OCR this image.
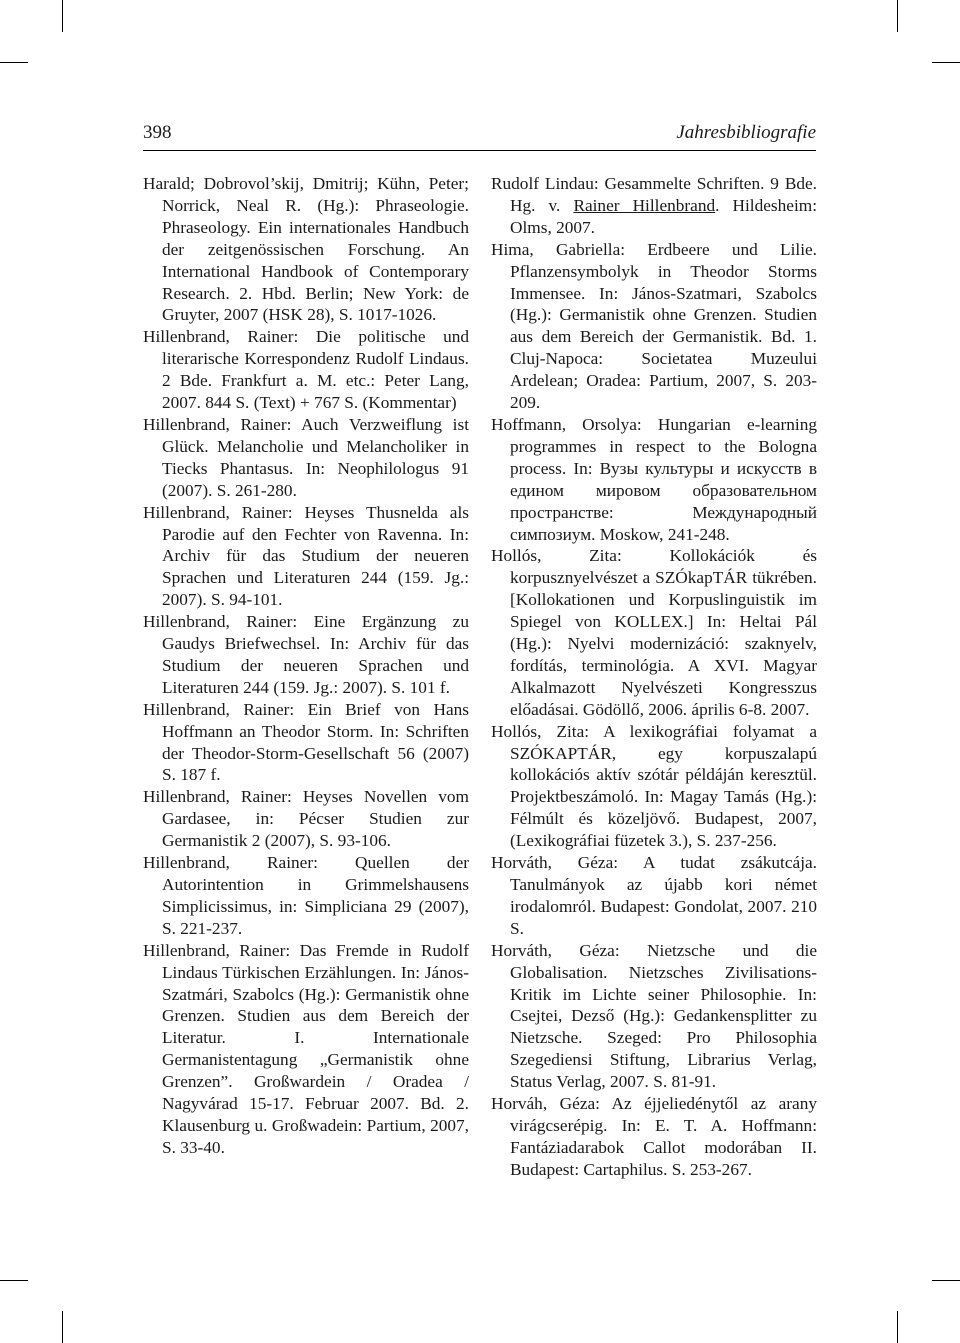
398	Jahresbibliografie

Harald; Dobrovol’skij, Dmitrij; Kühn, Peter; Norrick, Neal R. (Hg.): Phraseologie. Phraseology. Ein internationales Handbuch der zeitgenössischen Forschung. An International Handbook of Contemporary Research. 2. Hbd. Berlin; New York: de Gruyter, 2007 (HSK 28), S. 1017-1026.

Hillenbrand, Rainer: Die politische und literarische Korrespondenz Rudolf Lindaus. 2 Bde. Frankfurt a. M. etc.: Peter Lang, 2007. 844 S. (Text) + 767 S. (Kommentar)

Hillenbrand, Rainer: Auch Verzweiflung ist Glück. Melancholie und Melancholiker in Tiecks Phantasus. In: Neophilologus 91 (2007). S. 261-280.

Hillenbrand, Rainer: Heyses Thusnelda als Parodie auf den Fechter von Ravenna. In: Archiv für das Studium der neueren Sprachen und Literaturen 244 (159. Jg.: 2007). S. 94-101.

Hillenbrand, Rainer: Eine Ergänzung zu Gaudys Briefwechsel. In: Archiv für das Studium der neueren Sprachen und Literaturen 244 (159. Jg.: 2007). S. 101 f.

Hillenbrand, Rainer: Ein Brief von Hans Hoffmann an Theodor Storm. In: Schriften der Theodor-Storm-Gesellschaft 56 (2007) S. 187 f.

Hillenbrand, Rainer: Heyses Novellen vom Gardasee, in: Pécser Studien zur Germanistik 2 (2007), S. 93-106.

Hillenbrand, Rainer: Quellen der Autorintention in Grimmelshausens Simplicissimus, in: Simpliciana 29 (2007), S. 221-237.

Hillenbrand, Rainer: Das Fremde in Rudolf Lindaus Türkischen Erzählungen. In: János-Szatmári, Szabolcs (Hg.): Germanistik ohne Grenzen. Studien aus dem Bereich der Literatur. I. Internationale Germanistentagung „Germanistik ohne Grenzen”. Großwardein / Oradea / Nagyvárad 15-17. Februar 2007. Bd. 2. Klausenburg u. Großwadein: Partium, 2007, S. 33-40.

Rudolf Lindau: Gesammelte Schriften. 9 Bde. Hg. v. Rainer Hillenbrand. Hildesheim: Olms, 2007.

Hima, Gabriella: Erdbeere und Lilie. Pflanzensymbolyk in Theodor Storms Immensee. In: János-Szatmari, Szabolcs (Hg.): Germanistik ohne Grenzen. Studien aus dem Bereich der Germanistik. Bd. 1. Cluj-Napoca: Societatea Muzeului Ardelean; Oradea: Partium, 2007, S. 203-209.

Hoffmann, Orsolya: Hungarian e-learning programmes in respect to the Bologna process. In: Вузы культуры и искусств в едином мировом образовательном пространстве: Международный симпозиум. Moskow, 241-248.

Hollós, Zita: Kollokációk és korpusznyelvészet a SZÓkapTÁR tükrében. [Kollokationen und Korpuslinguistik im Spiegel von KOLLEX.] In: Heltai Pál (Hg.): Nyelvi modernizáció: szaknyelv, fordítás, terminológia. A XVI. Magyar Alkalmazott Nyelvészeti Kongresszus előadásai. Gödöllő, 2006. április 6-8. 2007.

Hollós, Zita: A lexikográfiai folyamat a SZÓKAPTÁR, egy korpuszalapú kollokációs aktív szótár példáján keresztül. Projektbeszámoló. In: Magay Tamás (Hg.): Félmúlt és közeljövő. Budapest, 2007, (Lexikográfiai füzetek 3.), S. 237-256.

Horváth, Géza: A tudat zsákutcája. Tanulmányok az újabb kori német irodalomról. Budapest: Gondolat, 2007. 210 S.

Horváth, Géza: Nietzsche und die Globalisation. Nietzsches Zivilisations-Kritik im Lichte seiner Philosophie. In: Csejtei, Dezső (Hg.): Gedankensplitter zu Nietzsche. Szeged: Pro Philosophia Szegediensi Stiftung, Librarius Verlag, Status Verlag, 2007. S. 81-91.

Horváh, Géza: Az éjjeliedénytől az arany virágcserépig. In: E. T. A. Hoffmann: Fantáziadarabok Callot modorában II. Budapest: Cartaphilus. S. 253-267.
